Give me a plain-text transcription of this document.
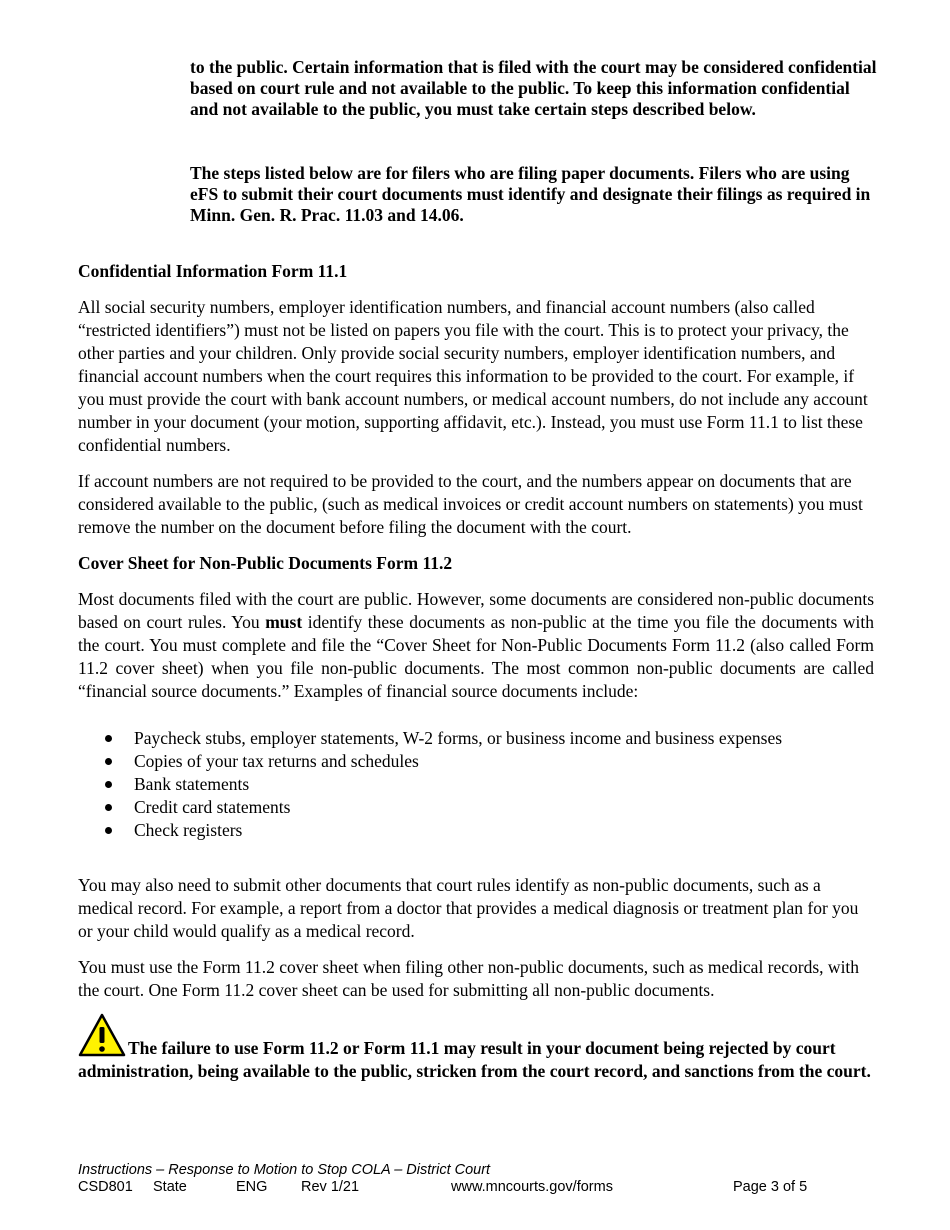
to the public. Certain information that is filed with the court may be considered confidential based on court rule and not available to the public. To keep this information confidential and not available to the public, you must take certain steps described below.

The steps listed below are for filers who are filing paper documents. Filers who are using eFS to submit their court documents must identify and designate their filings as required in Minn. Gen. R. Prac. 11.03 and 14.06.

Confidential Information Form 11.1

All social security numbers, employer identification numbers, and financial account numbers (also called “restricted identifiers”) must not be listed on papers you file with the court. This is to protect your privacy, the other parties and your children. Only provide social security numbers, employer identification numbers, and financial account numbers when the court requires this information to be provided to the court. For example, if you must provide the court with bank account numbers, or medical account numbers, do not include any account number in your document (your motion, supporting affidavit, etc.). Instead, you must use Form 11.1 to list these confidential numbers.

If account numbers are not required to be provided to the court, and the numbers appear on documents that are considered available to the public, (such as medical invoices or credit account numbers on statements) you must remove the number on the document before filing the document with the court.

Cover Sheet for Non-Public Documents Form 11.2

Most documents filed with the court are public. However, some documents are considered non-public documents based on court rules. You must identify these documents as non-public at the time you file the documents with the court. You must complete and file the “Cover Sheet for Non-Public Documents Form 11.2 (also called Form 11.2 cover sheet) when you file non-public documents. The most common non-public documents are called “financial source documents.” Examples of financial source documents include:

Paycheck stubs, employer statements, W-2 forms, or business income and business expenses
Copies of your tax returns and schedules
Bank statements
Credit card statements
Check registers

You may also need to submit other documents that court rules identify as non-public documents, such as a medical record. For example, a report from a doctor that provides a medical diagnosis or treatment plan for you or your child would qualify as a medical record.

You must use the Form 11.2 cover sheet when filing other non-public documents, such as medical records, with the court. One Form 11.2 cover sheet can be used for submitting all non-public documents.

The failure to use Form 11.2 or Form 11.1 may result in your document being rejected by court administration, being available to the public, stricken from the court record, and sanctions from the court.
Instructions – Response to Motion to Stop COLA – District Court
CSD801 State	ENG Rev 1/21	www.mncourts.gov/forms	Page 3 of 5
